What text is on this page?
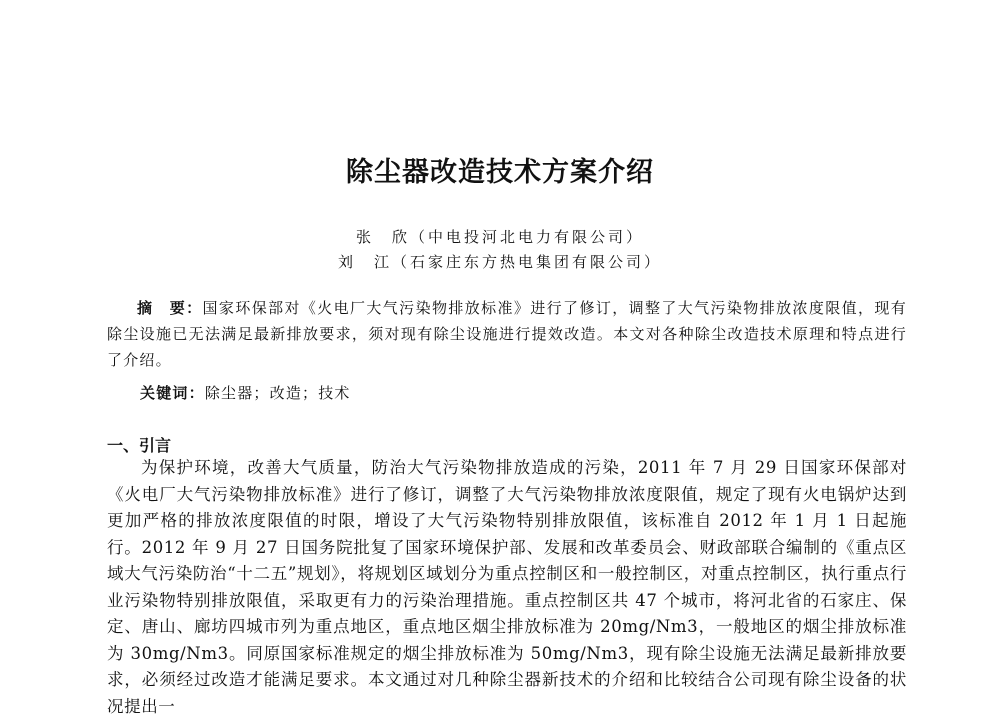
除尘器改造技术方案介绍
张　欣（中电投河北电力有限公司）
刘　江（石家庄东方热电集团有限公司）
摘　要：国家环保部对《火电厂大气污染物排放标准》进行了修订，调整了大气污染物排放浓度限值，现有除尘设施已无法满足最新排放要求，须对现有除尘设施进行提效改造。本文对各种除尘改造技术原理和特点进行了介绍。
关键词：除尘器；改造；技术
一、引言
为保护环境，改善大气质量，防治大气污染物排放造成的污染，2011 年 7 月 29 日国家环保部对《火电厂大气污染物排放标准》进行了修订，调整了大气污染物排放浓度限值，规定了现有火电锅炉达到更加严格的排放浓度限值的时限，增设了大气污染物特别排放限值，该标准自 2012 年 1 月 1 日起施行。2012 年 9 月 27 日国务院批复了国家环境保护部、发展和改革委员会、财政部联合编制的《重点区域大气污染防治“十二五”规划》，将规划区域划分为重点控制区和一般控制区，对重点控制区，执行重点行业污染物特别排放限值，采取更有力的污染治理措施。重点控制区共 47 个城市，将河北省的石家庄、保定、唐山、廊坊四城市列为重点地区，重点地区烟尘排放标准为 20mg/Nm3，一般地区的烟尘排放标准为 30mg/Nm3。同原国家标准规定的烟尘排放标准为 50mg/Nm3，现有除尘设施无法满足最新排放要求，必须经过改造才能满足要求。本文通过对几种除尘器新技术的介绍和比较结合公司现有除尘设备的状况提出一
